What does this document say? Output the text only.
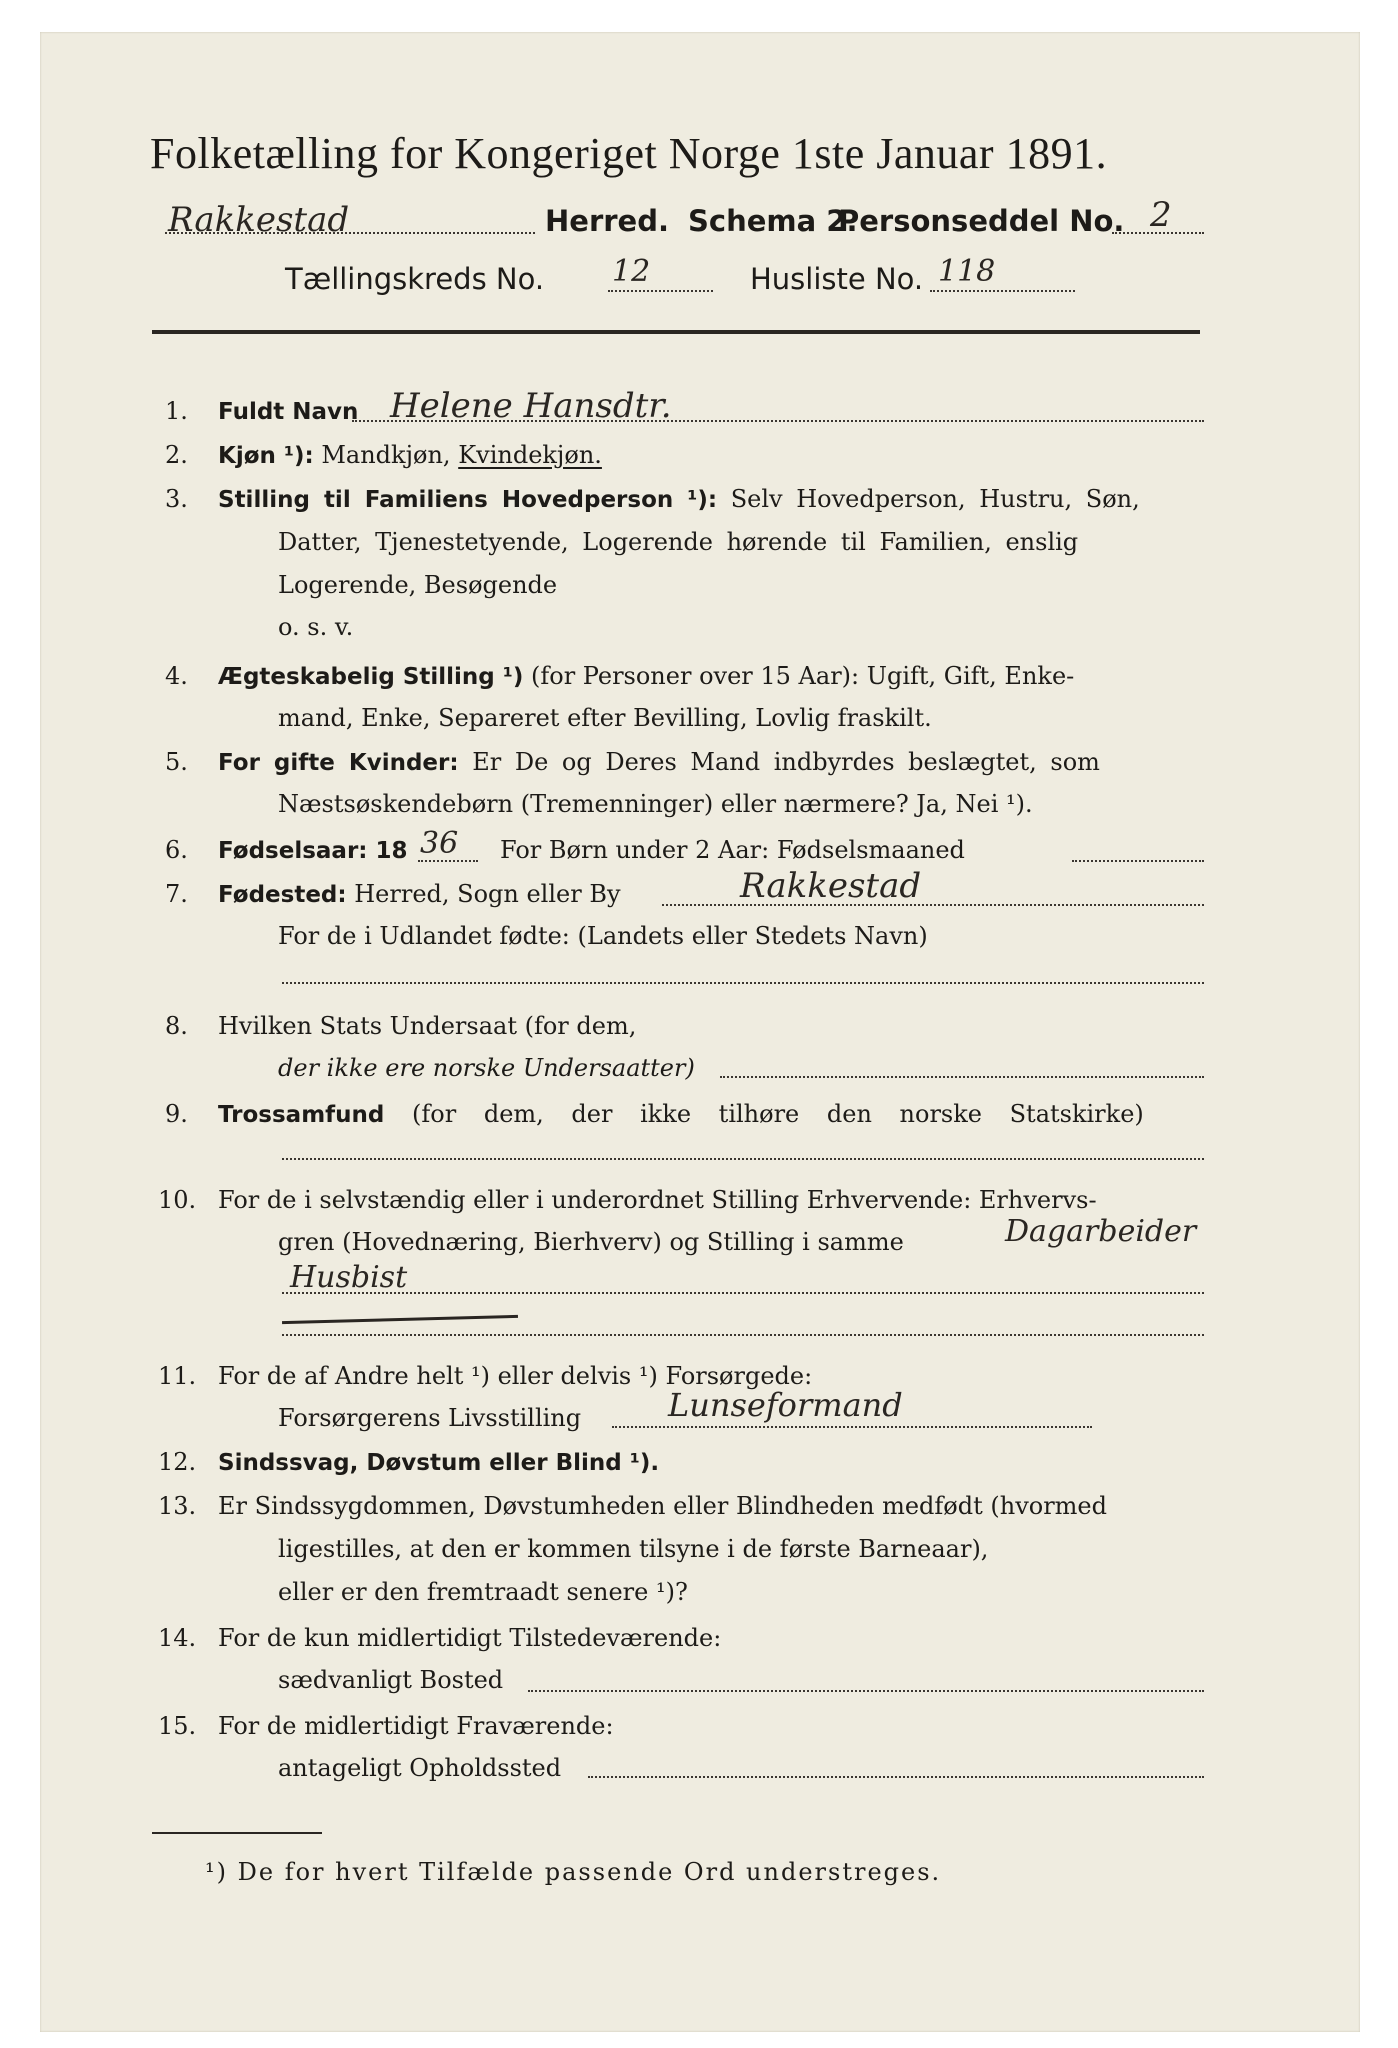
Folketælling for Kongeriget Norge 1ste Januar 1891.
Rakkestad	Herred. Schema 2.
Personseddel No. 2
Tællingskreds No. 12	Husliste No. 118
1. Fuldt Navn Helene Hansdtr.
2. Kjøn ¹): Mandkjøn, Kvindekjøn.
3. Stilling til Familiens Hovedperson ¹): Selv Hovedperson, Hustru, Søn,
Datter, Tjenestetyende, Logerende hørende til Familien, enslig
Logerende, Besøgende
o. s. v.
4. Ægteskabelig Stilling ¹) (for Personer over 15 Aar): Ugift, Gift, Enke-
mand, Enke, Separeret efter Bevilling, Lovlig fraskilt.
5. For gifte Kvinder: Er De og Deres Mand indbyrdes beslægtet, som
Næstsøskendebørn (Tremenninger) eller nærmere? Ja, Nei ¹).
6. Fødselsaar: 18 36 For Børn under 2 Aar: Fødselsmaaned
7. Fødested: Herred, Sogn eller By	Rakkestad
For de i Udlandet fødte: (Landets eller Stedets Navn)
8. Hvilken Stats Undersaat (for dem,
der ikke ere norske Undersaatter)
9. Trossamfund (for dem, der ikke tilhøre den norske Statskirke)
10. For de i selvstændig eller i underordnet Stilling Erhvervende: Erhvervs-
gren (Hovednæring, Bierhverv) og Stilling i samme	Dagarbeider
Husbist
11. For de af Andre helt ¹) eller delvis ¹) Forsørgede:
Forsørgerens Livsstilling	Lunseformand
12. Sindssvag, Døvstum eller Blind ¹).
13. Er Sindssygdommen, Døvstumheden eller Blindheden medfødt (hvormed
ligestilles, at den er kommen tilsyne i de første Barneaar),
eller er den fremtraadt senere ¹)?
14. For de kun midlertidigt Tilstedeværende:
sædvanligt Bosted
15. For de midlertidigt Fraværende:
antageligt Opholdssted
¹) De for hvert Tilfælde passende Ord understreges.
